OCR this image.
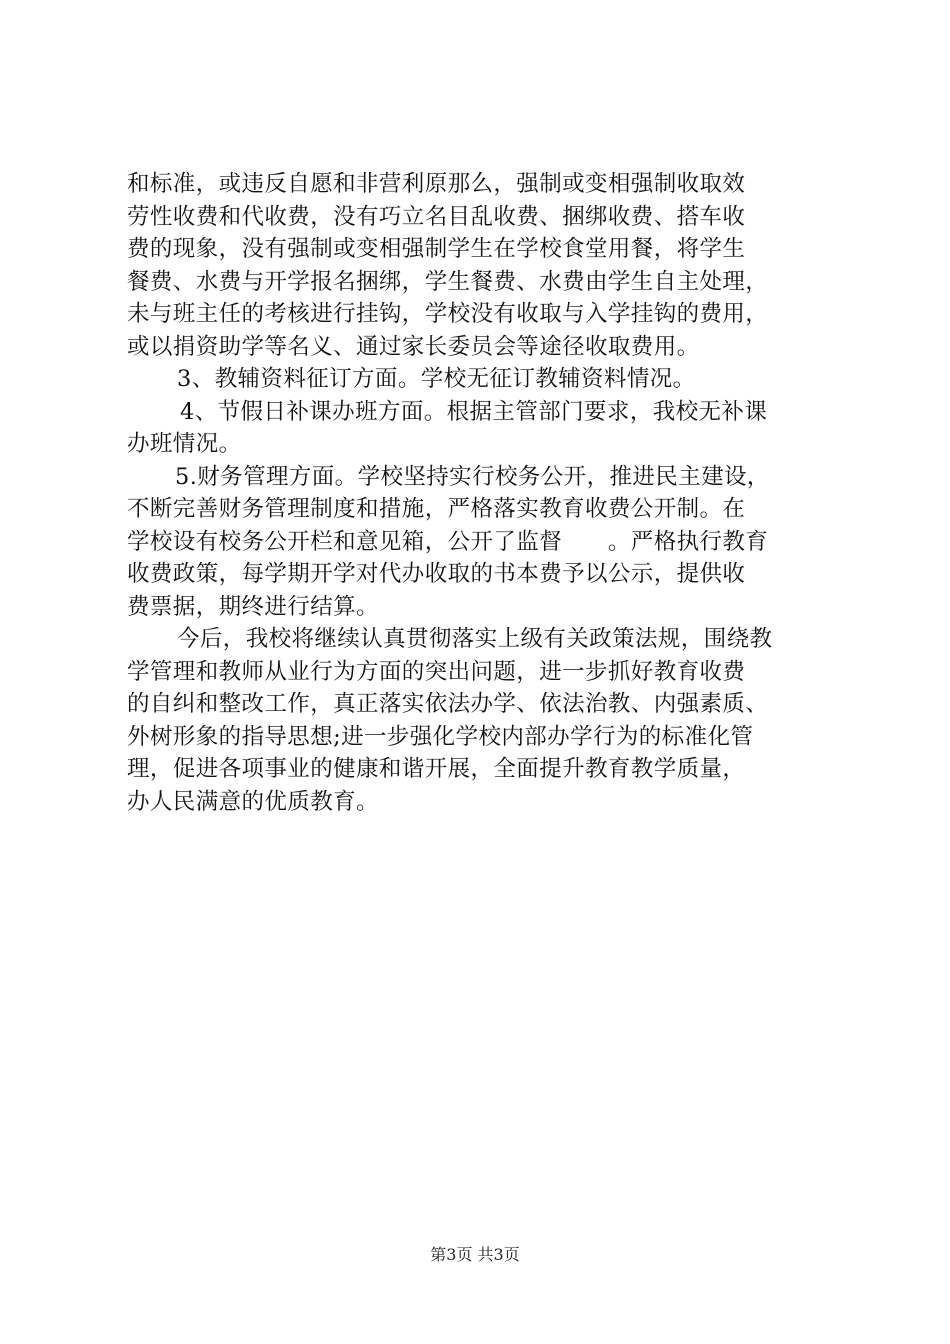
和标准，或违反自愿和非营利原那么，强制或变相强制收取效
劳性收费和代收费，没有巧立名目乱收费、捆绑收费、搭车收
费的现象，没有强制或变相强制学生在学校食堂用餐，将学生
餐费、水费与开学报名捆绑，学生餐费、水费由学生自主处理，
未与班主任的考核进行挂钩，学校没有收取与入学挂钩的费用，
或以捐资助学等名义、通过家长委员会等途径收取费用。
3、教辅资料征订方面。学校无征订教辅资料情况。
4、节假日补课办班方面。根据主管部门要求，我校无补课
办班情况。
5.财务管理方面。学校坚持实行校务公开，推进民主建设，
不断完善财务管理制度和措施，严格落实教育收费公开制。在
学校设有校务公开栏和意见箱，公开了监督　　。严格执行教育
收费政策，每学期开学对代办收取的书本费予以公示，提供收
费票据，期终进行结算。
今后，我校将继续认真贯彻落实上级有关政策法规，围绕教
学管理和教师从业行为方面的突出问题，进一步抓好教育收费
的自纠和整改工作，真正落实依法办学、依法治教、内强素质、
外树形象的指导思想;进一步强化学校内部办学行为的标准化管
理，促进各项事业的健康和谐开展，全面提升教育教学质量，
办人民满意的优质教育。
第3页 共3页
